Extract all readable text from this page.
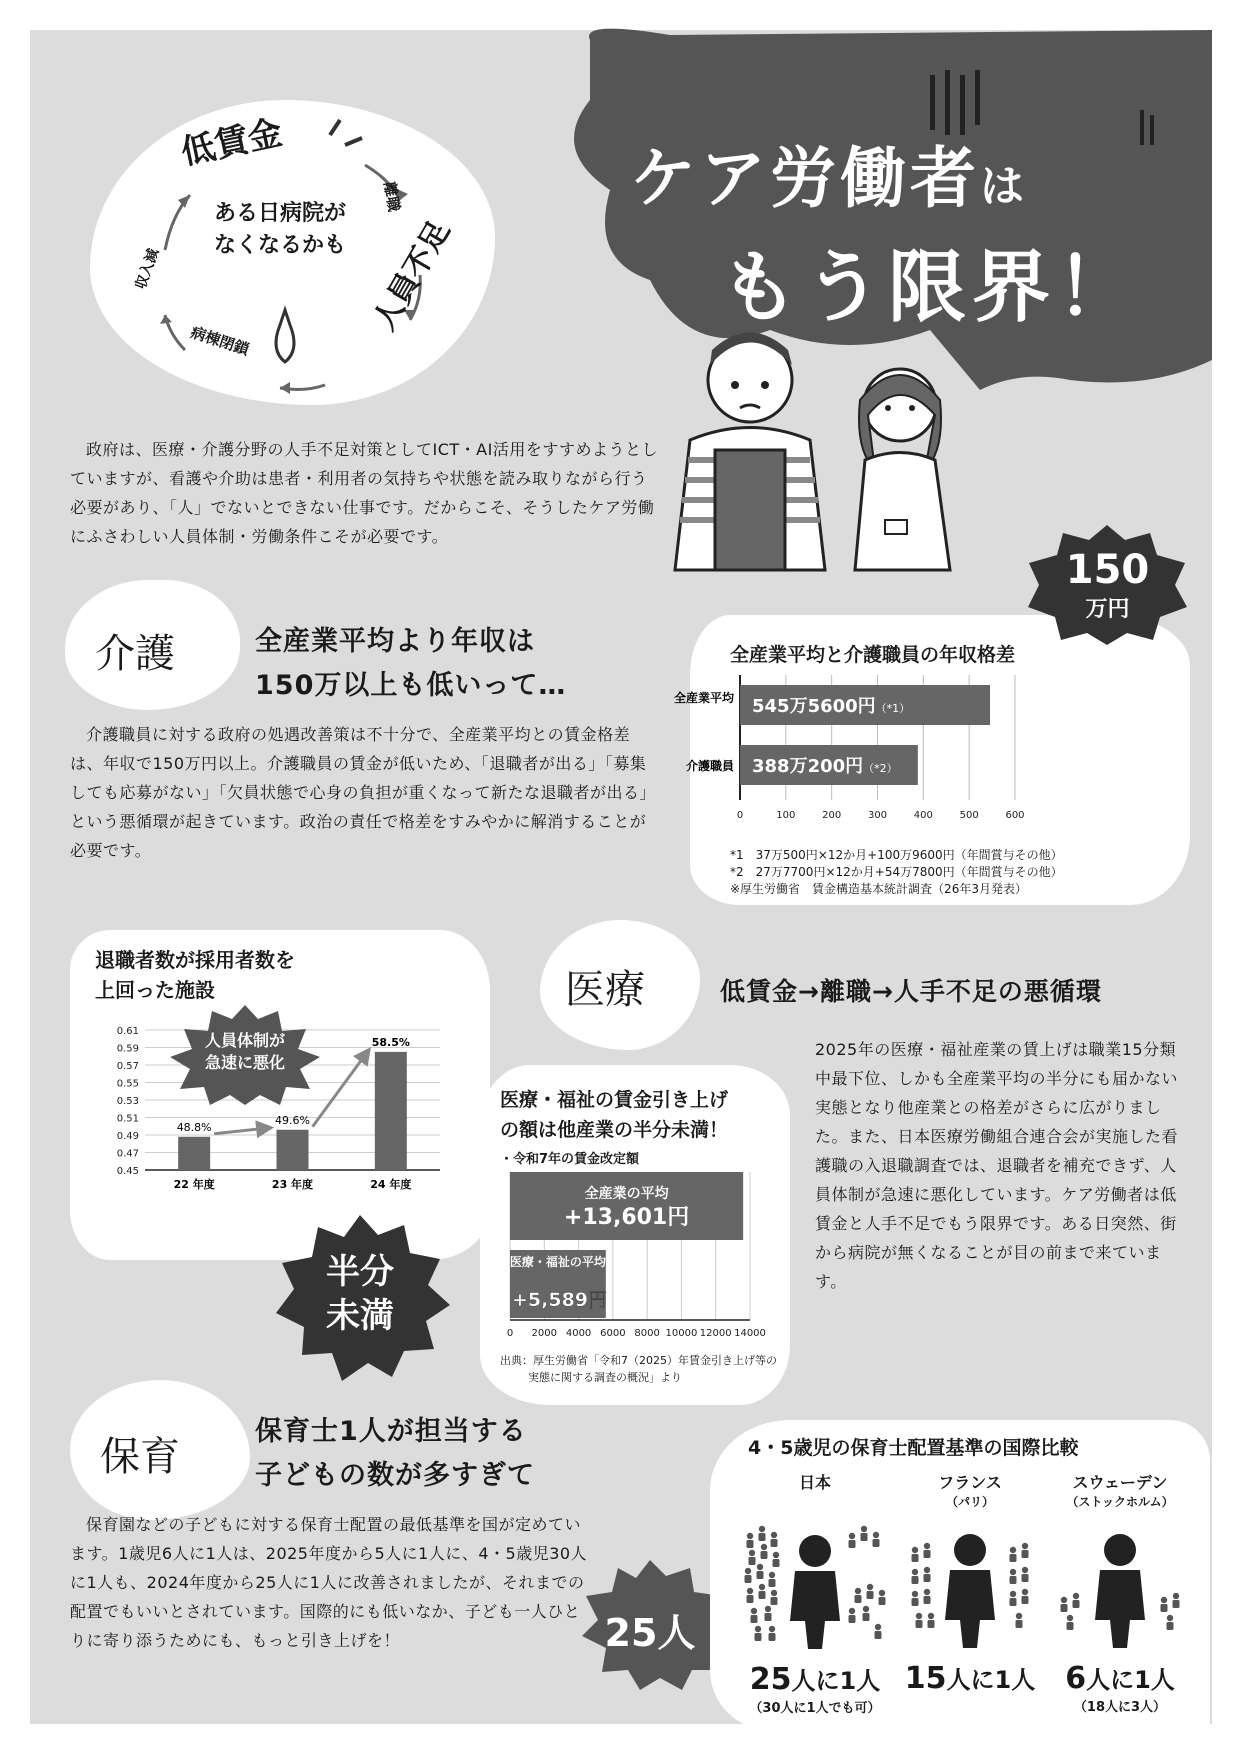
ケア労働者は
もう限界！
低賃金
離職
人員不足
病棟閉鎖
収入減
ある日病院が
なくなるかも

政府は、医療・介護分野の人手不足対策としてICT・AI活用をすすめようとしていますが、看護や介助は患者・利用者の気持ちや状態を読み取りながら行う必要があり、「人」でないとできない仕事です。だからこそ、そうしたケア労働にふさわしい人員体制・労働条件こそが必要です。

介護	全産業平均より年収は
150万以上も低いって…

介護職員に対する政府の処遇改善策は不十分で、全産業平均との賃金格差は、年収で150万円以上。介護職員の賃金が低いため、「退職者が出る」「募集しても応募がない」「欠員状態で心身の負担が重くなって新たな退職者が出る」という悪循環が起きています。政治の責任で格差をすみやかに解消することが必要です。

全産業平均と介護職員の年収格差
545万5600円（*1）
388万200円（*2）
0	100	200	300	400	500	600
全産業平均
介護職員
*1　37万500円×12か月+100万9600円（年間賞与その他）
*2　27万7700円×12か月+54万7800円（年間賞与その他）
※厚生労働省　賃金構造基本統計調査（26年3月発表）
150
万円
退職者数が採用者数を
上回った施設
48.8%
49.6%
58.5%
0.61
0.59
0.57
0.55
0.53
0.51
0.49
0.47
0.45
22 年度	23 年度	24 年度
人員体制が
急速に悪化
半分
未満
医療	低賃金→離職→人手不足の悪循環

2025年の医療・福祉産業の賃上げは職業15分類中最下位、しかも全産業平均の半分にも届かない実態となり他産業との格差がさらに広がりました。また、日本医療労働組合連合会が実施した看護職の入退職調査では、退職者を補充できず、人員体制が急速に悪化しています。ケア労働者は低賃金と人手不足でもう限界です。ある日突然、街から病院が無くなることが目の前まで来ています。

医療・福祉の賃金引き上げ
の額は他産業の半分未満！
・令和7年の賃金改定額
全産業の平均
+13,601円
医療・福祉の平均
+5,589円
0 2000 4000 6000 8000 10000 12000 14000
出典：厚生労働省「令和7（2025）年賃金引き上げ等の
実態に関する調査の概況」より
保育
保育士1人が担当する
子どもの数が多すぎて

保育園などの子どもに対する保育士配置の最低基準を国が定めています。1歳児6人に1人は、2025年度から5人に1人に、4・5歳児30人に1人も、2024年度から25人に1人に改善されましたが、それまでの配置でもいいとされています。国際的にも低いなか、子ども一人ひとりに寄り添うためにも、もっと引き上げを！	25人
4・5歳児の保育士配置基準の国際比較
日本
25人に1人
（30人に1人でも可）
フランス
（パリ）
15人に1人
スウェーデン
（ストックホルム）
6人に1人
（18人に3人）
